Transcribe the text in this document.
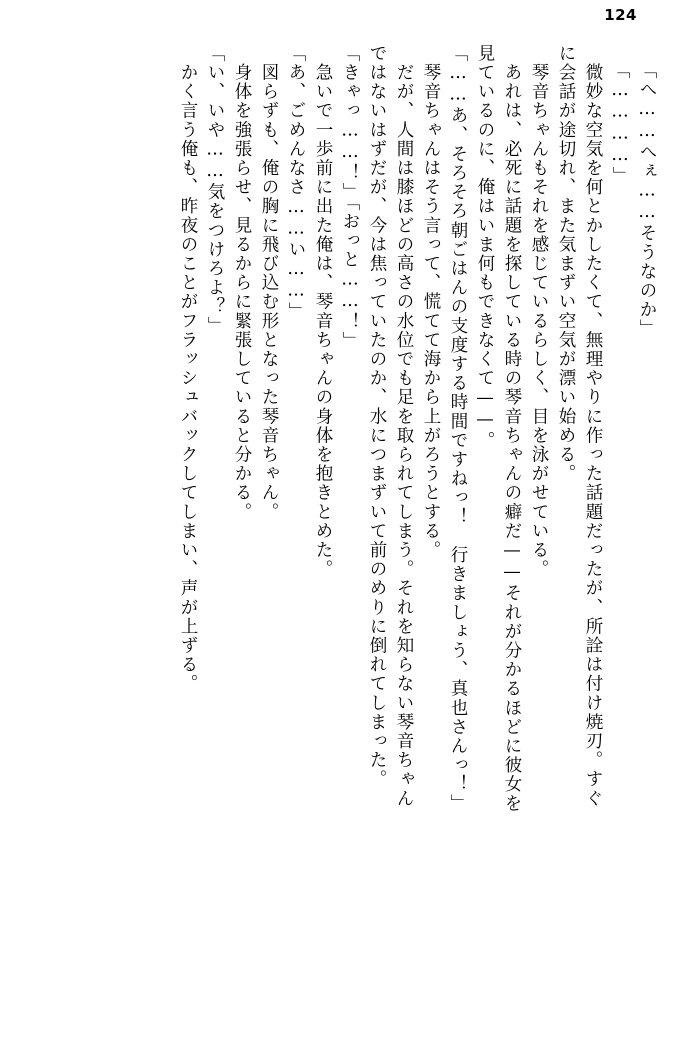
124
「へ……へぇ……そうなのか」
「…………」
　微妙な空気を何とかしたくて、無理やりに作った話題だったが、所詮は付け焼刃。すぐ
に会話が途切れ、また気まずい空気が漂い始める。
　琴音ちゃんもそれを感じているらしく、目を泳がせている。
　あれは、必死に話題を探している時の琴音ちゃんの癖だ——それが分かるほどに彼女を
見ているのに、俺はいま何もできなくて——。
「……あ、そろそろ朝ごはんの支度する時間ですねっ！　行きましょう、真也さんっ！」
　琴音ちゃんはそう言って、慌てて海から上がろうとする。
　だが、人間は膝ほどの高さの水位でも足を取られてしまう。それを知らない琴音ちゃん
ではないはずだが、今は焦っていたのか、水につまずいて前のめりに倒れてしまった。
「きゃっ……！」「おっと……！」
　急いで一歩前に出た俺は、琴音ちゃんの身体を抱きとめた。
「あ、ごめんなさ……い……」
　図らずも、俺の胸に飛び込む形となった琴音ちゃん。
　身体を強張らせ、見るからに緊張していると分かる。
「い、いや……気をつけろよ？」
　かく言う俺も、昨夜のことがフラッシュバックしてしまい、声が上ずる。
